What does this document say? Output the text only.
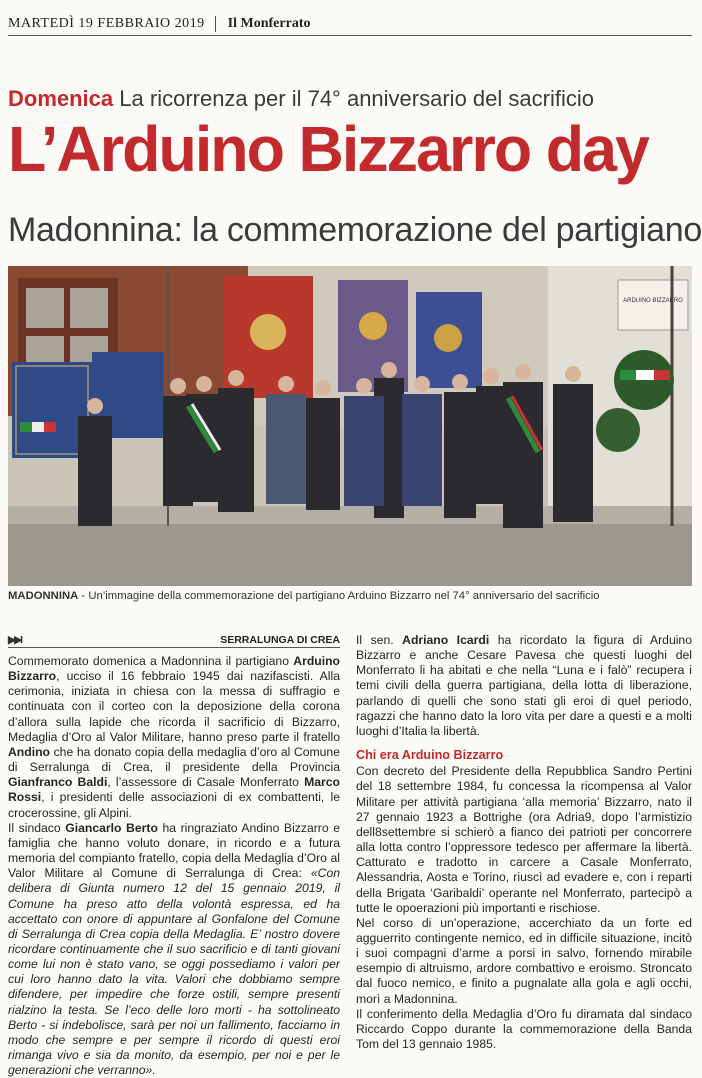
MARTEDÌ 19 FEBBRAIO 2019	Il Monferrato
Domenica La ricorrenza per il 74° anniversario del sacrificio
L’Arduino Bizzarro day
Madonnina: la commemorazione del partigiano
ARDUINO BIZZARRO
MADONNINA - Un’immagine della commemorazione del partigiano Arduino Bizzarro nel 74° anniversario del sacrificio
▶▶I	SERRALUNGA DI CREA

Commemorato domenica a Madonnina il partigiano Arduino Bizzarro, ucciso il 16 febbraio 1945 dai nazifascisti. Alla cerimonia, iniziata in chiesa con la messa di suffragio e continuata con il corteo con la deposizione della corona d’allora sulla lapide che ricorda il sacrificio di Bizzarro, Medaglia d’Oro al Valor Militare, hanno preso parte il fratello Andino che ha donato copia della medaglia d’oro al Comune di Serralunga di Crea, il presidente della Provincia Gianfranco Baldi, l’assessore di Casale Monferrato Marco Rossi, i presidenti delle associazioni di ex combattenti, le crocerossine, gli Alpini.

Il sindaco Giancarlo Berto ha ringraziato Andino Bizzarro e famiglia che hanno voluto donare, in ricordo e a futura memoria del compianto fratello, copia della Medaglia d’Oro al Valor Militare al Comune di Serralunga di Crea: «Con delibera di Giunta numero 12 del 15 gennaio 2019, il Comune ha preso atto della volontà espressa, ed ha accettato con onore di appuntare al Gonfalone del Comune di Serralunga di Crea copia della Medaglia. E’ nostro dovere ricordare continuamente che il suo sacrificio e di tanti giovani come lui non è stato vano, se oggi possediamo i valori per cui loro hanno dato la vita. Valori che dobbiamo sempre difendere, per impedire che forze ostili, sempre presenti rialzino la testa. Se l’eco delle loro morti - ha sottolineato Berto - si indebolisce, sarà per noi un fallimento, facciamo in modo che sempre e per sempre il ricordo di questi eroi rimanga vivo e sia da monito, da esempio, per noi e per le generazioni che verranno».

Il sen. Adriano Icardi ha ricordato la figura di Arduino Bizzarro e anche Cesare Pavesa che questi luoghi del Monferrato li ha abitati e che nella “Luna e i falò” recupera i temi civili della guerra partigiana, della lotta di liberazione, parlando di quelli che sono stati gli eroi di quel periodo, ragazzi che hanno dato la loro vita per dare a questi e a molti luoghi d’Italia la libertà.

Chi era Arduino Bizzarro

Con decreto del Presidente della Repubblica Sandro Pertini del 18 settembre 1984, fu concessa la ricompensa al Valor Militare per attività partigiana ‘alla memoria’ Bizzarro, nato il 27 gennaio 1923 a Bottrighe (ora Adria9, dopo l’armistizio dell8settembre si schierò a fianco dei patrioti per concorrere alla lotta contro l’oppressore tedesco per affermare la libertà. Catturato e tradotto in carcere a Casale Monferrato, Alessandria, Aosta e Torino, riuscì ad evadere e, con i reparti della Brigata ‘Garibaldi’ operante nel Monferrato, partecipò a tutte le opoerazioni più importanti e rischiose.

Nel corso di un’operazione, accerchiato da un forte ed agguerrito contingente nemico, ed in difficile situazione, incitò i suoi compagni d’arme a porsi in salvo, fornendo mirabile esempio di altruismo, ardore combattivo e eroismo. Stroncato dal fuoco nemico, e finito a pugnalate alla gola e agli occhi, morì a Madonnina.

Il conferimento della Medaglia d’Oro fu diramata dal sindaco Riccardo Coppo durante la commemorazione della Banda Tom del 13 gennaio 1985.
